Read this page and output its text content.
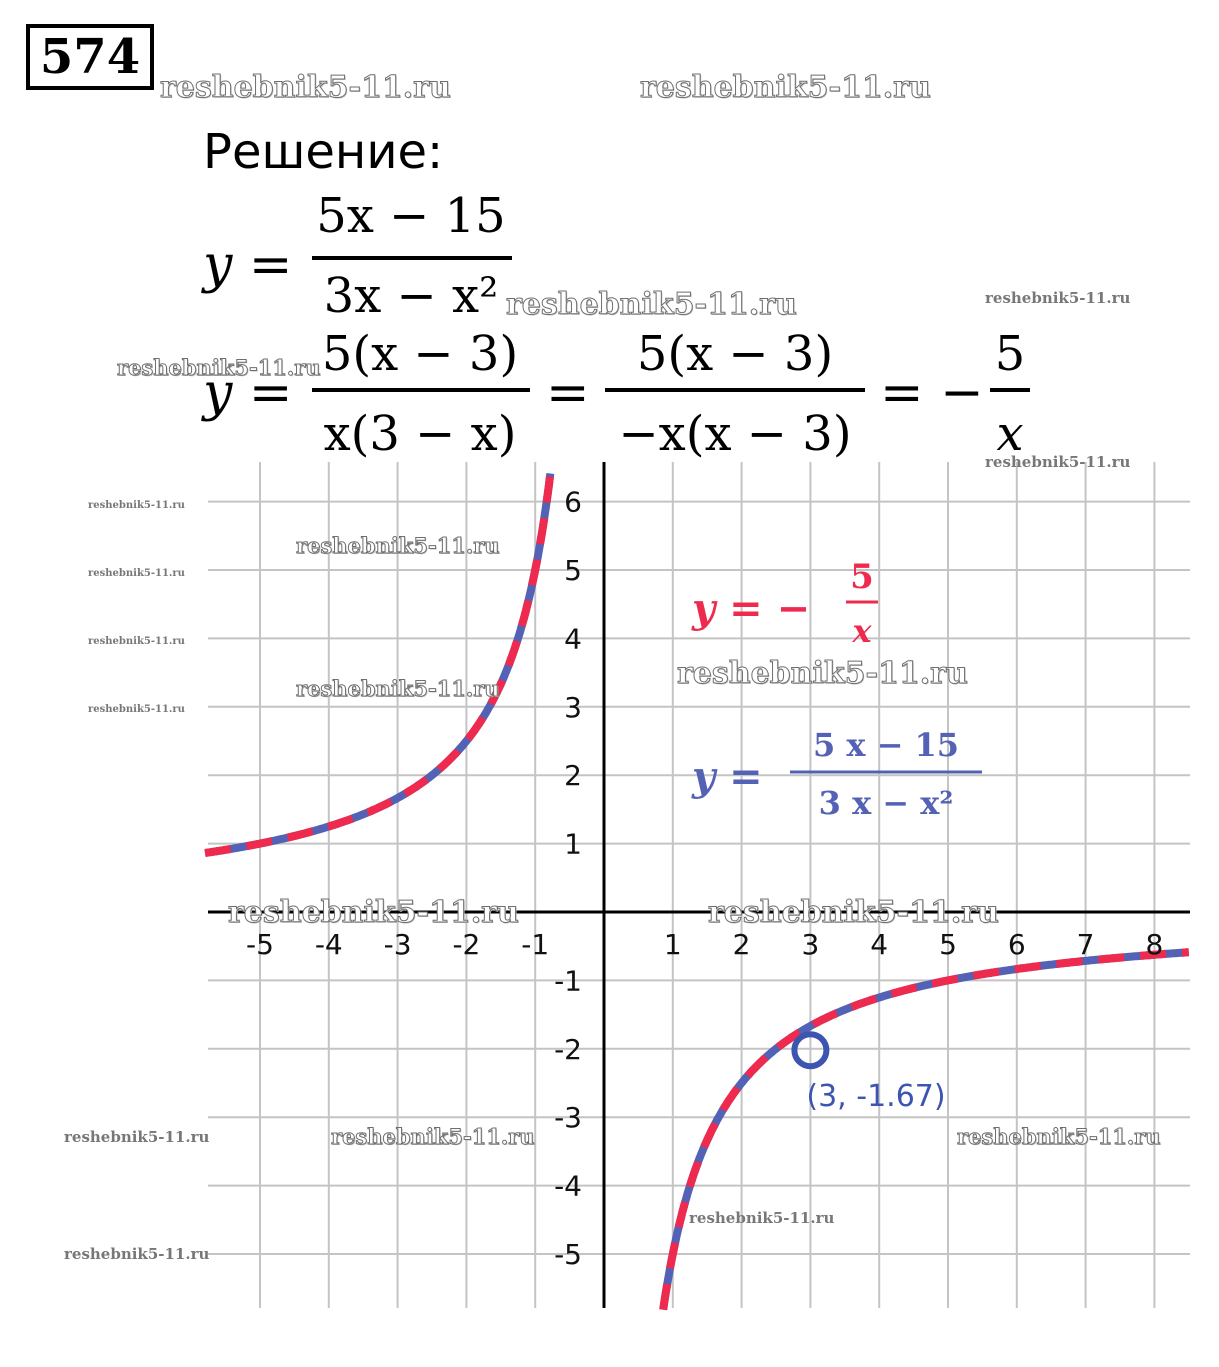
574
Решение:
y =
5x − 15
3x − x²
y =
5(x − 3)
x(3 − x)
=
5(x − 3)
−x(x − 3)
= −
5
x
-5 -4 -3 -2 -1	1 2 3 4 5 6 7 8
-5
-4
-3
-2
-1
1
2
3
4
5
6
y = −
5
x
y =
5 x − 15
3 x − x²
(3, -1.67)
reshebnik5-11.ru	reshebnik5-11.ru
reshebnik5-11.ru	reshebnik5-11.ru
reshebnik5-11.ru
reshebnik5-11.ru
reshebnik5-11.ru
reshebnik5-11.ru
reshebnik5-11.ru
reshebnik5-11.ru
reshebnik5-11.ru
reshebnik5-11.ru
reshebnik5-11.ru
reshebnik5-11.ru	reshebnik5-11.ru
reshebnik5-11.ru	reshebnik5-11.ru	reshebnik5-11.ru
reshebnik5-11.ru
reshebnik5-11.ru
